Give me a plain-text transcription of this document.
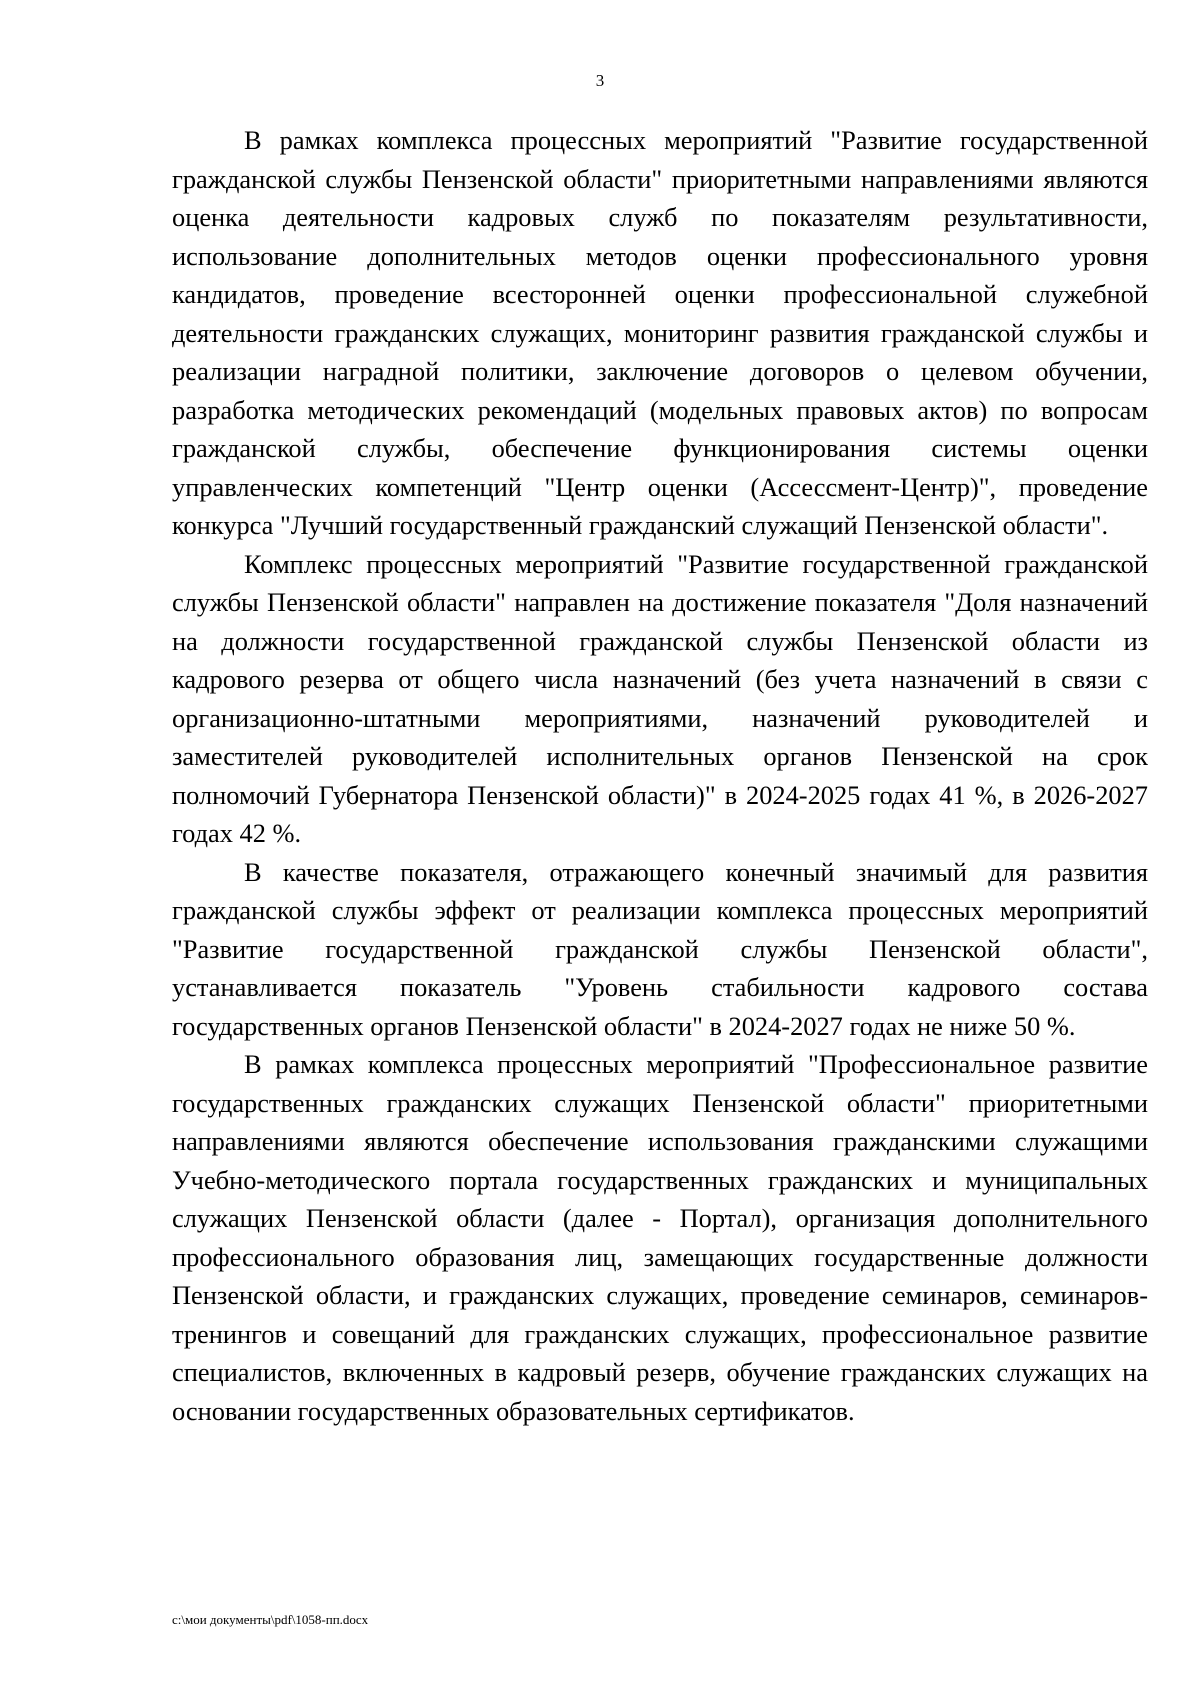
3

В рамках комплекса процессных мероприятий "Развитие государственной гражданской службы Пензенской области" приоритетными направлениями являются оценка деятельности кадровых служб по показателям результативности, использование дополнительных методов оценки профессионального уровня кандидатов, проведение всесторонней оценки профессиональной служебной деятельности гражданских служащих, мониторинг развития гражданской службы и реализации наградной политики, заключение договоров о целевом обучении, разработка методических рекомендаций (модельных правовых актов) по вопросам гражданской службы, обеспечение функционирования системы оценки управленческих компетенций "Центр оценки (Ассессмент-Центр)", проведение конкурса "Лучший государственный гражданский служащий Пензенской области".

Комплекс процессных мероприятий "Развитие государственной гражданской службы Пензенской области" направлен на достижение показателя "Доля назначений на должности государственной гражданской службы Пензенской области из кадрового резерва от общего числа назначений (без учета назначений в связи с организационно-штатными мероприятиями, назначений руководителей и заместителей руководителей исполнительных органов Пензенской на срок полномочий Губернатора Пензенской области)" в 2024-2025 годах 41 %, в 2026-2027 годах 42 %.

В качестве показателя, отражающего конечный значимый для развития гражданской службы эффект от реализации комплекса процессных мероприятий "Развитие государственной гражданской службы Пензенской области", устанавливается показатель "Уровень стабильности кадрового состава государственных органов Пензенской области" в 2024-2027 годах не ниже 50 %.

В рамках комплекса процессных мероприятий "Профессиональное развитие государственных гражданских служащих Пензенской области" приоритетными направлениями являются обеспечение использования гражданскими служащими Учебно-методического портала государственных гражданских и муниципальных служащих Пензенской области (далее - Портал), организация дополнительного профессионального образования лиц, замещающих государственные должности Пензенской области, и гражданских служащих, проведение семинаров, семинаров-тренингов и совещаний для гражданских служащих, профессиональное развитие специалистов, включенных в кадровый резерв, обучение гражданских служащих на основании государственных образовательных сертификатов.

c:\мои документы\pdf\1058-пп.docx
